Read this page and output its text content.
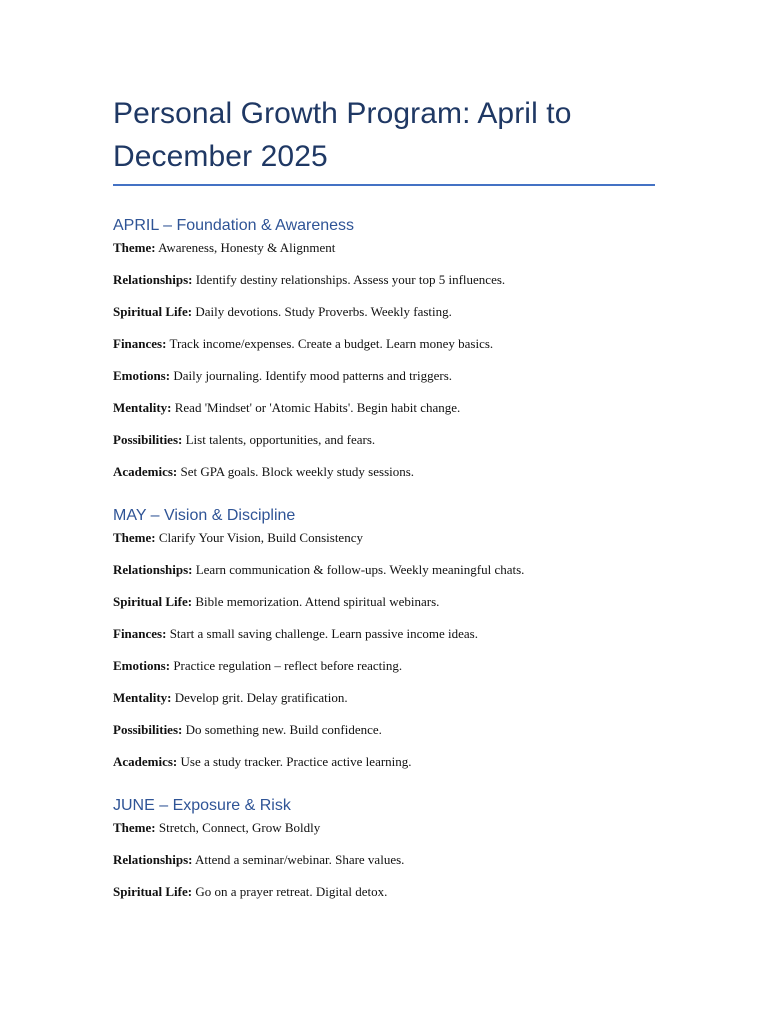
Personal Growth Program: April to
December 2025
APRIL – Foundation & Awareness

Theme: Awareness, Honesty & Alignment

Relationships: Identify destiny relationships. Assess your top 5 influences.

Spiritual Life: Daily devotions. Study Proverbs. Weekly fasting.

Finances: Track income/expenses. Create a budget. Learn money basics.

Emotions: Daily journaling. Identify mood patterns and triggers.

Mentality: Read 'Mindset' or 'Atomic Habits'. Begin habit change.

Possibilities: List talents, opportunities, and fears.

Academics: Set GPA goals. Block weekly study sessions.

MAY – Vision & Discipline

Theme: Clarify Your Vision, Build Consistency

Relationships: Learn communication & follow-ups. Weekly meaningful chats.

Spiritual Life: Bible memorization. Attend spiritual webinars.

Finances: Start a small saving challenge. Learn passive income ideas.

Emotions: Practice regulation – reflect before reacting.

Mentality: Develop grit. Delay gratification.

Possibilities: Do something new. Build confidence.

Academics: Use a study tracker. Practice active learning.

JUNE – Exposure & Risk

Theme: Stretch, Connect, Grow Boldly

Relationships: Attend a seminar/webinar. Share values.

Spiritual Life: Go on a prayer retreat. Digital detox.
